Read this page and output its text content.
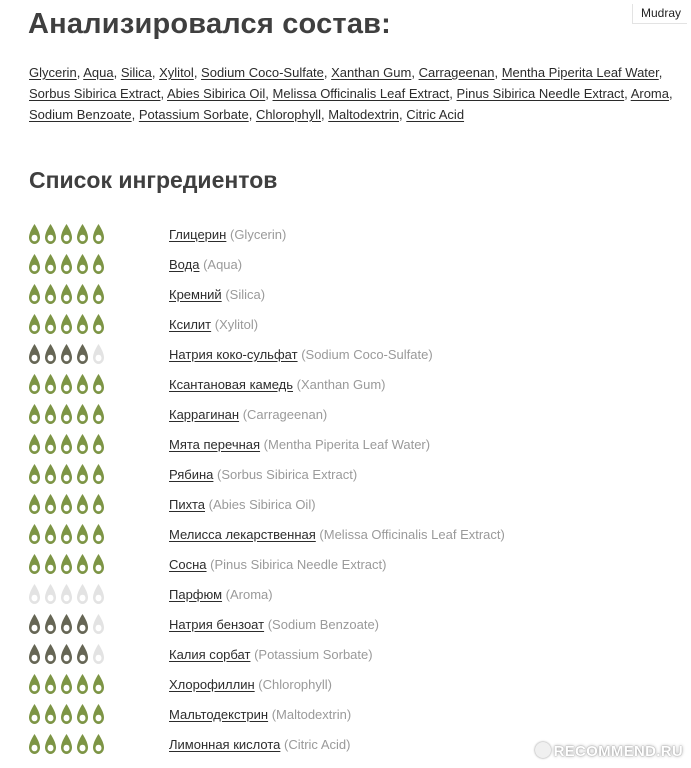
Mudray
Анализировался состав:
Glycerin, Aqua, Silica, Xylitol, Sodium Coco-Sulfate, Xanthan Gum, Carrageenan, Mentha Piperita Leaf Water, Sorbus Sibirica Extract, Abies Sibirica Oil, Melissa Officinalis Leaf Extract, Pinus Sibirica Needle Extract, Aroma, Sodium Benzoate, Potassium Sorbate, Chlorophyll, Maltodextrin, Citric Acid
Список ингредиентов
Глицерин (Glycerin)
Вода (Aqua)
Кремний (Silica)
Ксилит (Xylitol)
Натрия коко-сульфат (Sodium Coco-Sulfate)
Ксантановая камедь (Xanthan Gum)
Каррагинан (Carrageenan)
Мята перечная (Mentha Piperita Leaf Water)
Рябина (Sorbus Sibirica Extract)
Пихта (Abies Sibirica Oil)
Мелисса лекарственная (Melissa Officinalis Leaf Extract)
Сосна (Pinus Sibirica Needle Extract)
Парфюм (Aroma)
Натрия бензоат (Sodium Benzoate)
Калия сорбат (Potassium Sorbate)
Хлорофиллин (Chlorophyll)
Мальтодекстрин (Maltodextrin)
Лимонная кислота (Citric Acid)	RECOMMEND.RU
